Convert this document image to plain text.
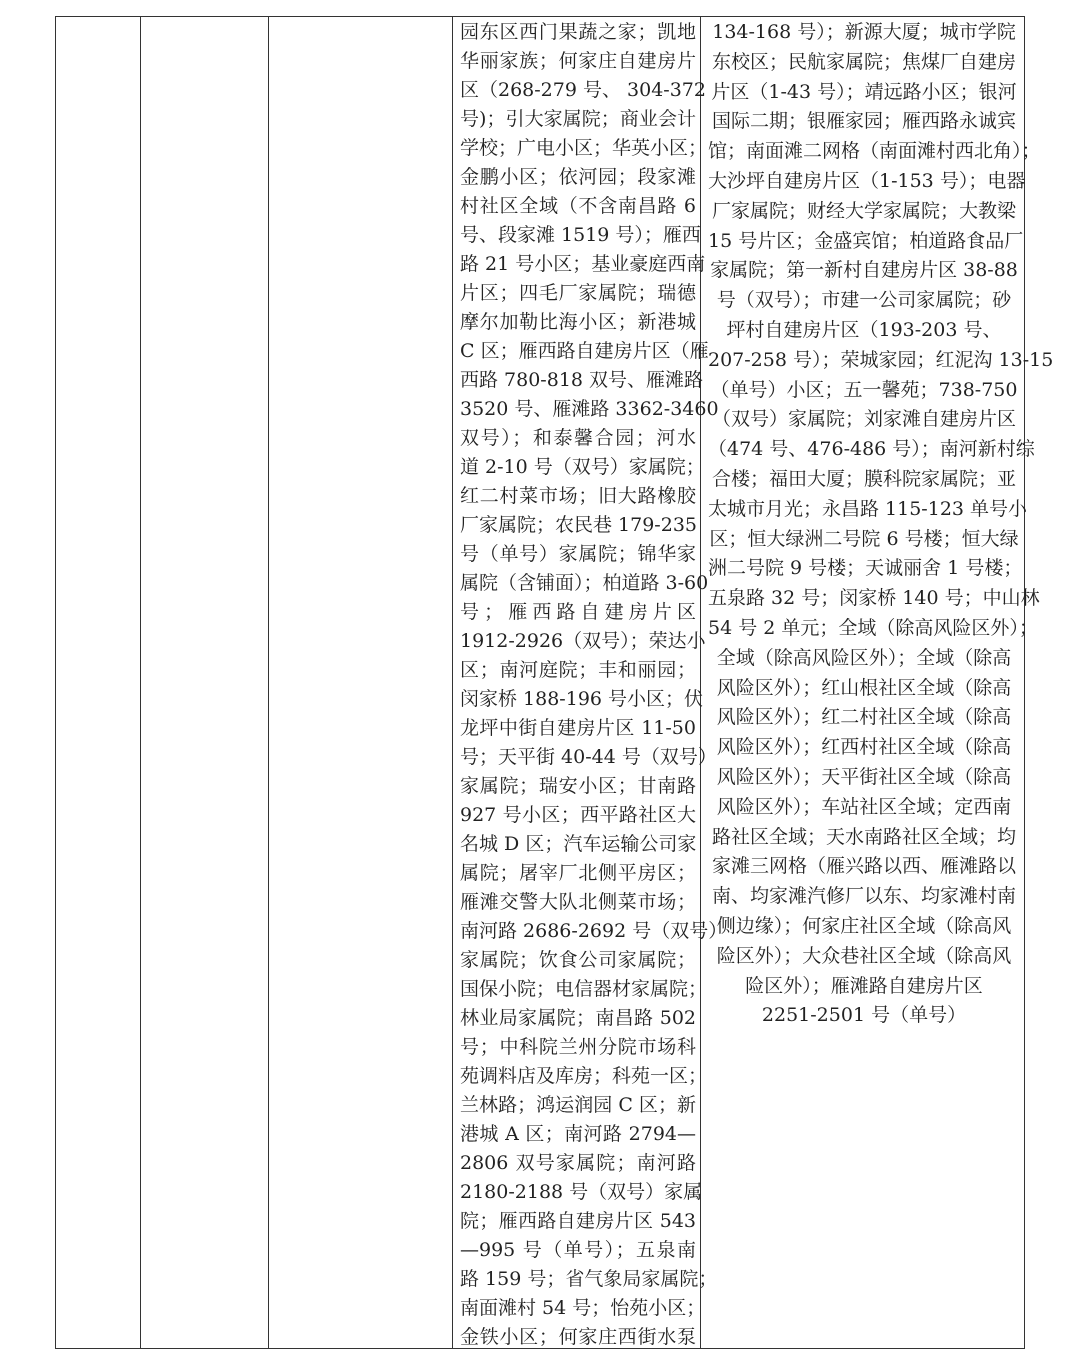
园东区西门果蔬之家；凯地
华丽家族；何家庄自建房片
区（268-279 号、 304-372
号)；引大家属院；商业会计
学校；广电小区；华英小区；
金鹏小区；依河园；段家滩
村社区全域（不含南昌路 6
号、段家滩 1519 号）；雁西
路 21 号小区；基业豪庭西南
片区；四毛厂家属院；瑞德
摩尔加勒比海小区；新港城
C 区；雁西路自建房片区（雁
西路 780-818 双号、雁滩路
3520 号、雁滩路 3362-3460
双号）；和泰馨合园；河水
道 2-10 号（双号）家属院；
红二村菜市场；旧大路橡胶
厂家属院；农民巷 179-235
号（单号）家属院；锦华家
属院（含铺面）；柏道路 3-60
号；雁西路自建房片区
1912-2926（双号）；荣达小
区；南河庭院；丰和丽园；
闵家桥 188-196 号小区；伏
龙坪中街自建房片区 11-50
号；天平街 40-44 号（双号）
家属院；瑞安小区；甘南路
927 号小区；西平路社区大
名城 D 区；汽车运输公司家
属院；屠宰厂北侧平房区；
雁滩交警大队北侧菜市场；
南河路 2686-2692 号（双号）
家属院；饮食公司家属院；
国保小院；电信器材家属院；
林业局家属院；南昌路 502
号；中科院兰州分院市场科
苑调料店及库房；科苑一区；
兰林路；鸿运润园 C 区；新
港城 A 区；南河路 2794—
2806 双号家属院；南河路
2180-2188 号（双号）家属
院；雁西路自建房片区 543
—995 号（单号）；五泉南
路 159 号；省气象局家属院；
南面滩村 54 号；怡苑小区；
金铁小区；何家庄西街水泵
134-168 号）；新源大厦；城市学院
东校区；民航家属院；焦煤厂自建房
片区（1-43 号）；靖远路小区；银河
国际二期；银雁家园；雁西路永诚宾
馆；南面滩二网格（南面滩村西北角）；
大沙坪自建房片区（1-153 号）；电器
厂家属院；财经大学家属院；大教梁
15 号片区；金盛宾馆；柏道路食品厂
家属院；第一新村自建房片区 38-88
号（双号）；市建一公司家属院；砂
坪村自建房片区（193-203 号、
207-258 号）；荣城家园；红泥沟 13-15
（单号）小区；五一馨苑；738-750
（双号）家属院；刘家滩自建房片区
（474 号、476-486 号）；南河新村综
合楼；福田大厦；膜科院家属院；亚
太城市月光；永昌路 115-123 单号小
区；恒大绿洲二号院 6 号楼；恒大绿
洲二号院 9 号楼；天诚丽舍 1 号楼；
五泉路 32 号；闵家桥 140 号；中山林
54 号 2 单元；全域（除高风险区外）；
全域（除高风险区外）；全域（除高
风险区外）；红山根社区全域（除高
风险区外）；红二村社区全域（除高
风险区外）；红西村社区全域（除高
风险区外）；天平街社区全域（除高
风险区外）；车站社区全域；定西南
路社区全域；天水南路社区全域；均
家滩三网格（雁兴路以西、雁滩路以
南、均家滩汽修厂以东、均家滩村南
侧边缘）；何家庄社区全域（除高风
险区外）；大众巷社区全域（除高风
险区外）；雁滩路自建房片区
2251-2501 号（单号）
